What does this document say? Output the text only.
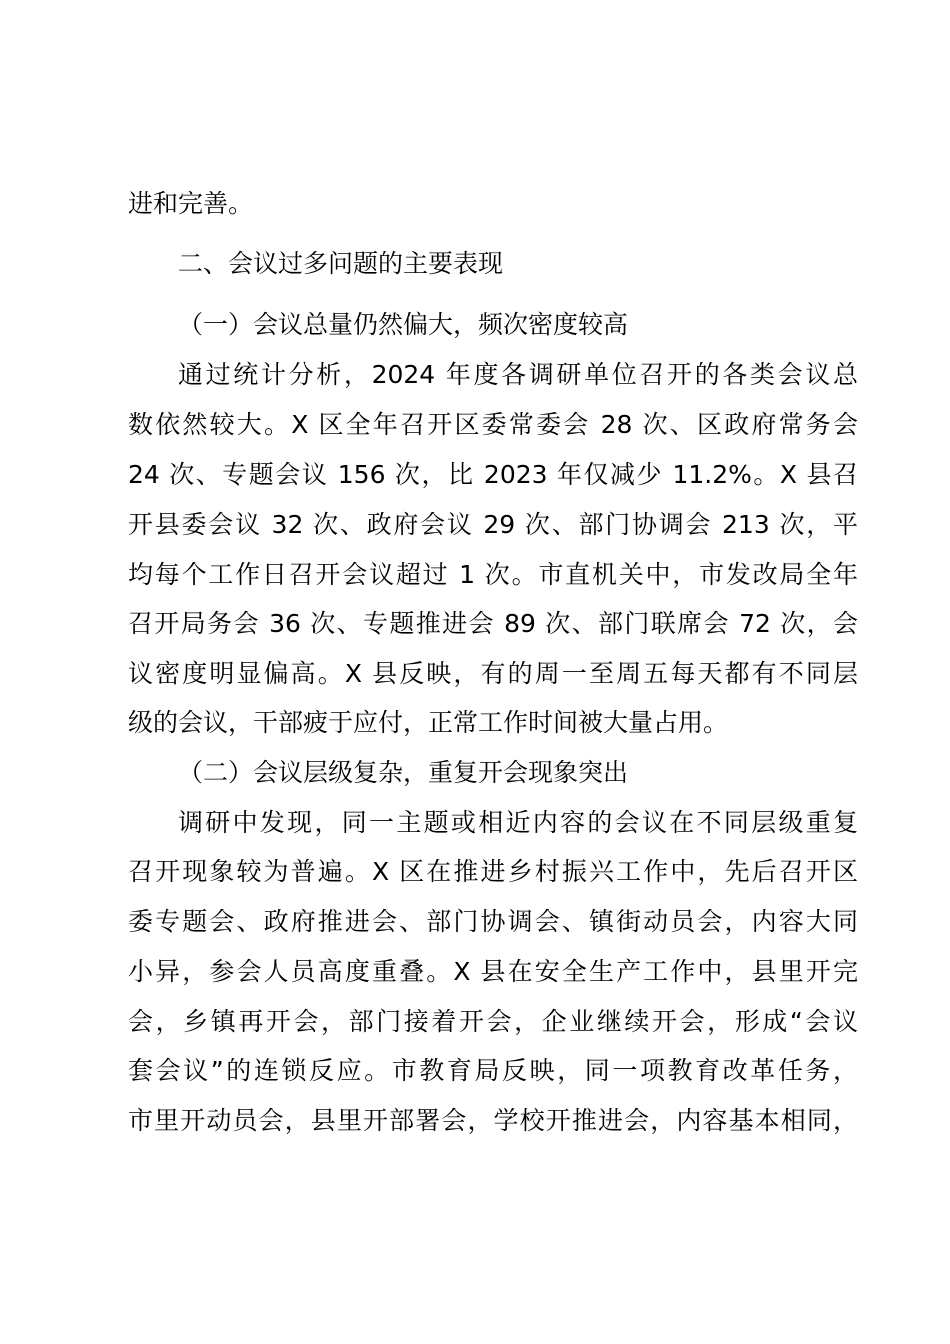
进和完善。
二、会议过多问题的主要表现
（一）会议总量仍然偏大，频次密度较高
通过统计分析，2024 年度各调研单位召开的各类会议总
数依然较大。X 区全年召开区委常委会 28 次、区政府常务会
24 次、专题会议 156 次，比 2023 年仅减少 11.2%。X 县召
开县委会议 32 次、政府会议 29 次、部门协调会 213 次，平
均每个工作日召开会议超过 1 次。市直机关中，市发改局全年
召开局务会 36 次、专题推进会 89 次、部门联席会 72 次，会
议密度明显偏高。X 县反映，有的周一至周五每天都有不同层
级的会议，干部疲于应付，正常工作时间被大量占用。
（二）会议层级复杂，重复开会现象突出
调研中发现，同一主题或相近内容的会议在不同层级重复
召开现象较为普遍。X 区在推进乡村振兴工作中，先后召开区
委专题会、政府推进会、部门协调会、镇街动员会，内容大同
小异，参会人员高度重叠。X 县在安全生产工作中，县里开完
会，乡镇再开会，部门接着开会，企业继续开会，形成“会议
套会议”的连锁反应。市教育局反映，同一项教育改革任务，
市里开动员会，县里开部署会，学校开推进会，内容基本相同，
